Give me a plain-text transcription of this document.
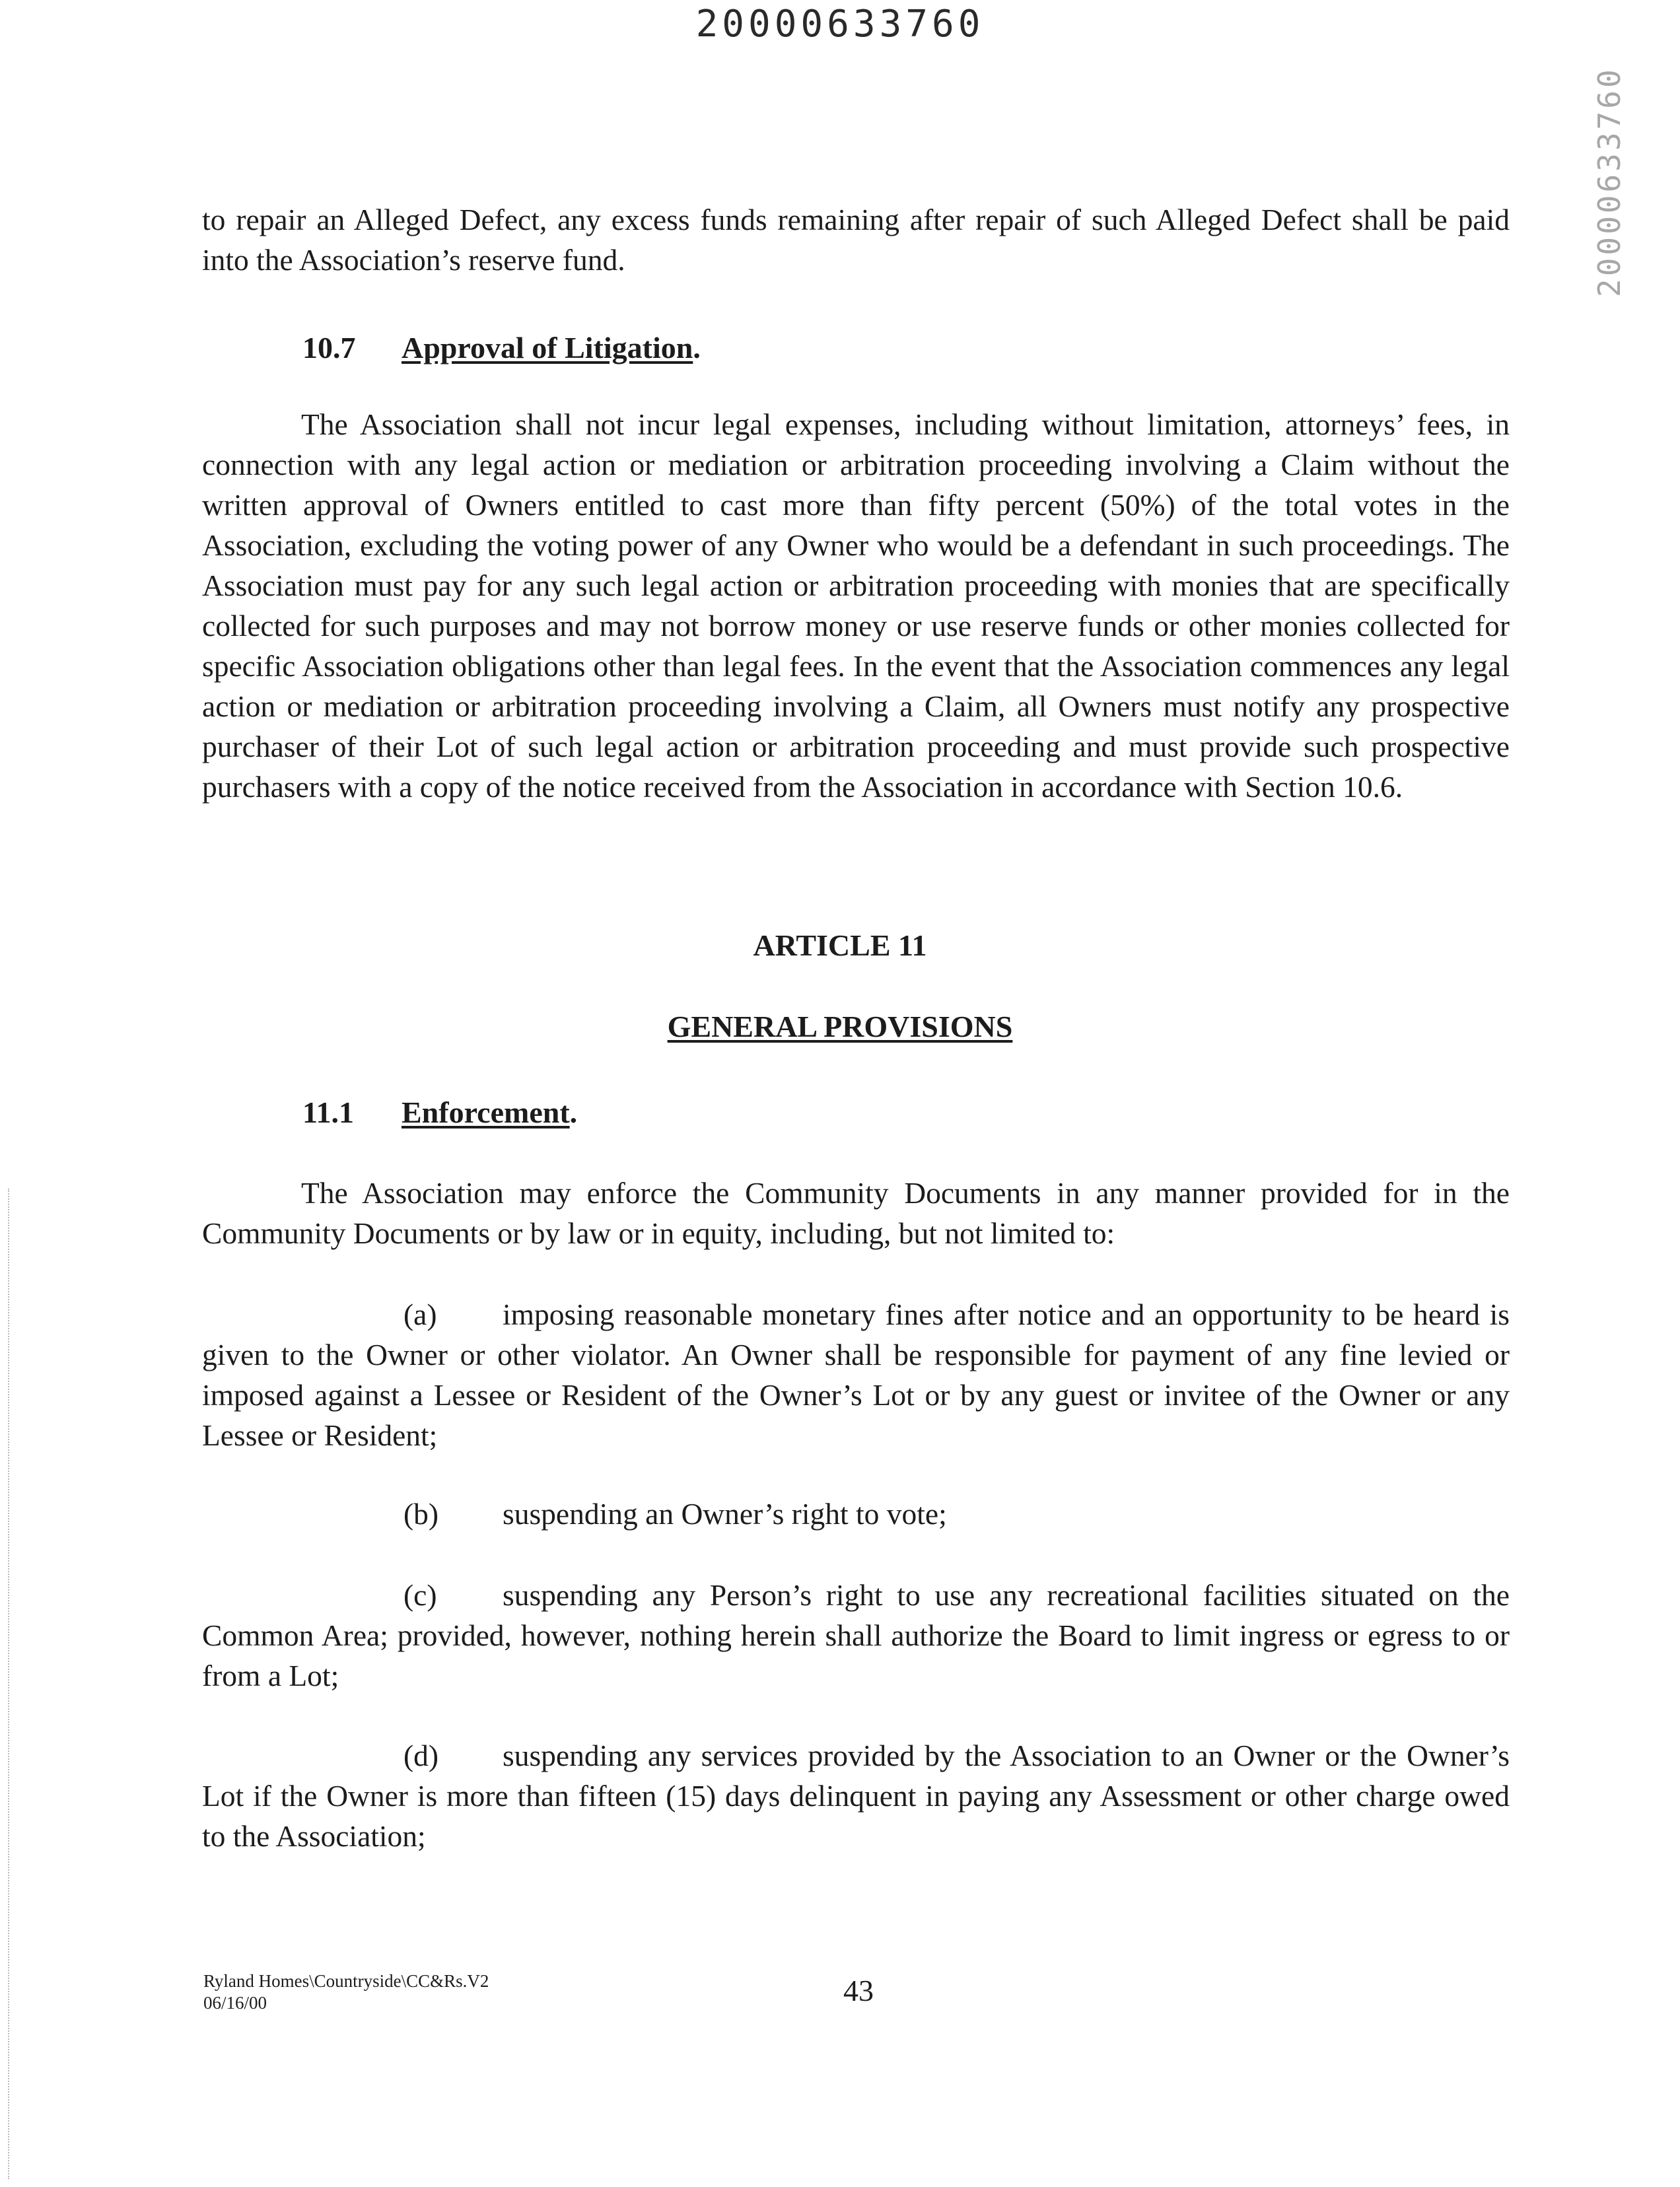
20000633760
20000633760
to repair an Alleged Defect, any excess funds remaining after repair of such Alleged Defect shall be paid into the Association’s reserve fund.
10.7 Approval of Litigation.
The Association shall not incur legal expenses, including without limitation, attorneys’ fees, in connection with any legal action or mediation or arbitration proceeding involving a Claim without the written approval of Owners entitled to cast more than fifty percent (50%) of the total votes in the Association, excluding the voting power of any Owner who would be a defendant in such proceedings. The Association must pay for any such legal action or arbitration proceeding with monies that are specifically collected for such purposes and may not borrow money or use reserve funds or other monies collected for specific Association obligations other than legal fees. In the event that the Association commences any legal action or mediation or arbitration proceeding involving a Claim, all Owners must notify any prospective purchaser of their Lot of such legal action or arbitration proceeding and must provide such prospective purchasers with a copy of the notice received from the Association in accordance with Section 10.6.
ARTICLE 11
GENERAL PROVISIONS
11.1 Enforcement.
The Association may enforce the Community Documents in any manner provided for in the Community Documents or by law or in equity, including, but not limited to:
(a) imposing reasonable monetary fines after notice and an opportunity to be heard is given to the Owner or other violator. An Owner shall be responsible for payment of any fine levied or imposed against a Lessee or Resident of the Owner’s Lot or by any guest or invitee of the Owner or any Lessee or Resident;
(b) suspending an Owner’s right to vote;
(c) suspending any Person’s right to use any recreational facilities situated on the Common Area; provided, however, nothing herein shall authorize the Board to limit ingress or egress to or from a Lot;
(d) suspending any services provided by the Association to an Owner or the Owner’s Lot if the Owner is more than fifteen (15) days delinquent in paying any Assessment or other charge owed to the Association;
Ryland Homes\Countryside\CC&Rs.V2
06/16/00	43
